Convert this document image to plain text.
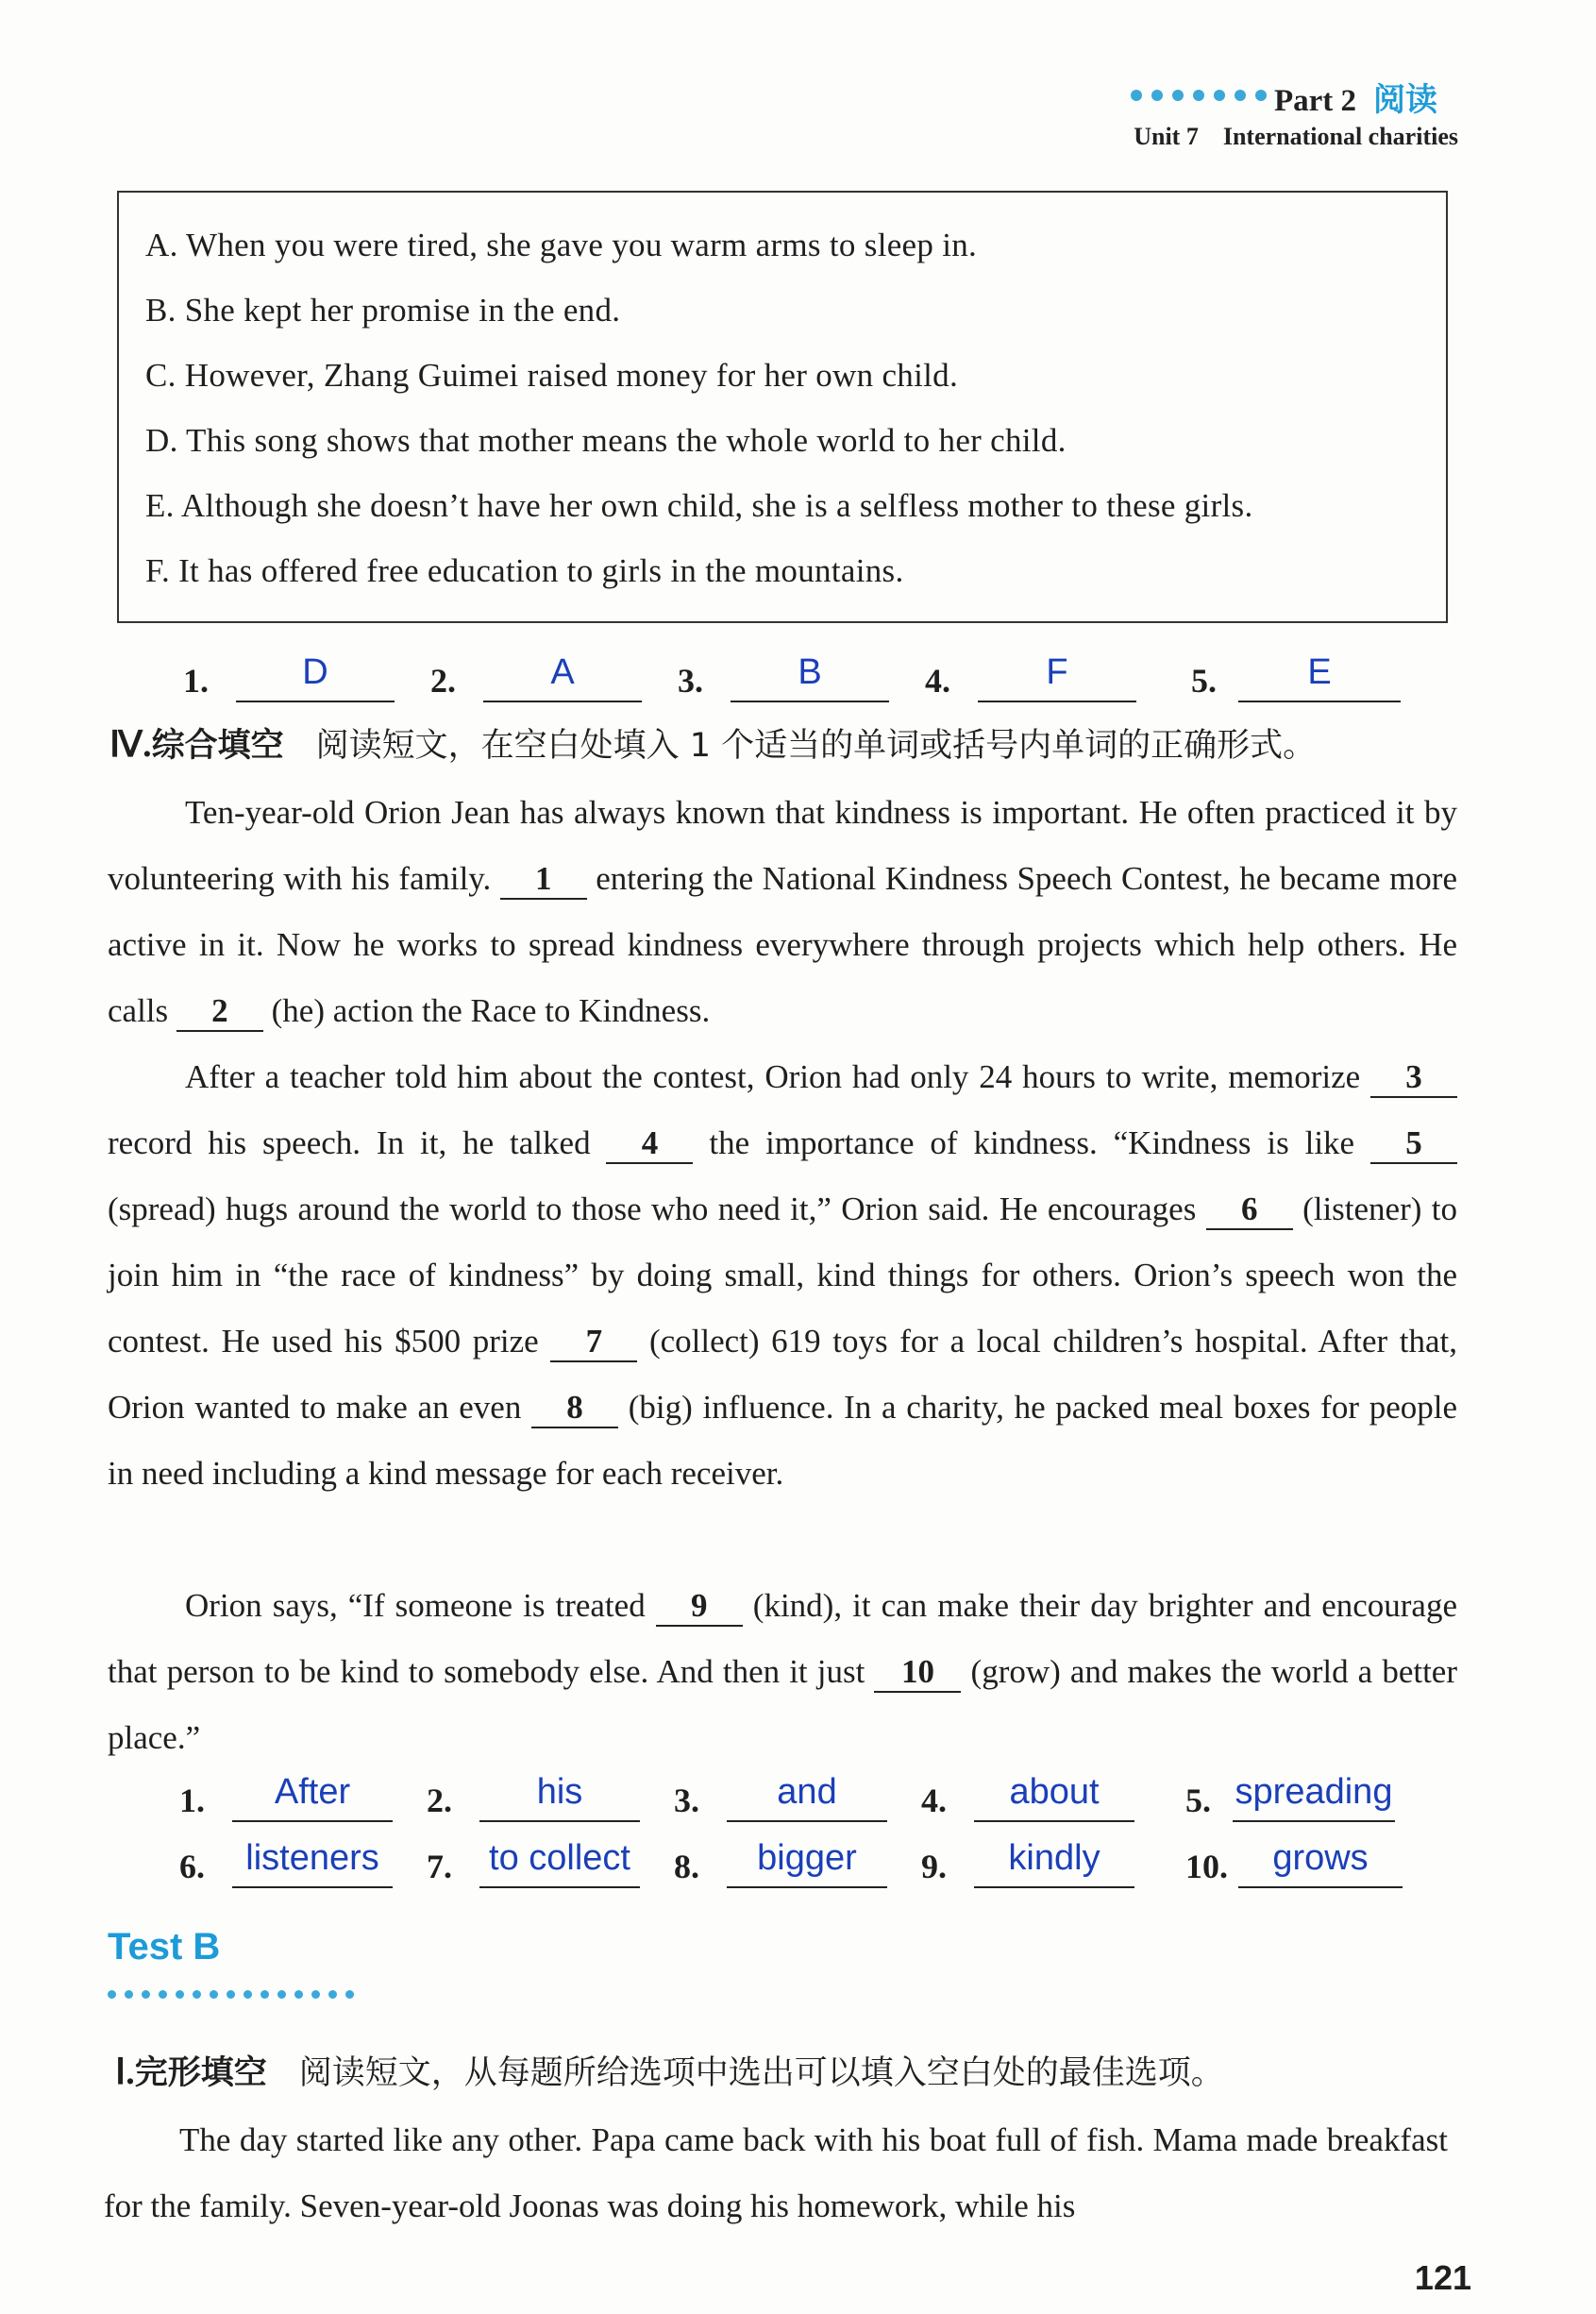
Part 2 阅读
Unit 7 International charities
A. When you were tired, she gave you warm arms to sleep in.
B. She kept her promise in the end.
C. However, Zhang Guimei raised money for her own child.
D. This song shows that mother means the whole world to her child.
E. Although she doesn’t have her own child, she is a selfless mother to these girls.
F. It has offered free education to girls in the mountains.
1.	D	2.	A	3.	B	4.	F	5.	E
Ⅳ.综合填空 阅读短文，在空白处填入 1 个适当的单词或括号内单词的正确形式。
Ten-year-old Orion Jean has always known that kindness is important. He often practiced it by volunteering with his family. 1 entering the National Kindness Speech Contest, he became more active in it. Now he works to spread kindness everywhere through projects which help others. He calls 2 (he) action the Race to Kindness.
After a teacher told him about the contest, Orion had only 24 hours to write, memorize 3 record his speech. In it, he talked 4 the importance of kindness. “Kindness is like 5 (spread) hugs around the world to those who need it,” Orion said. He encourages 6 (listener) to join him in “the race of kindness” by doing small, kind things for others. Orion’s speech won the contest. He used his $500 prize 7 (collect) 619 toys for a local children’s hospital. After that, Orion wanted to make an even 8 (big) influence. In a charity, he packed meal boxes for people in need including a kind message for each receiver.
Orion says, “If someone is treated 9 (kind), it can make their day brighter and encourage that person to be kind to somebody else. And then it just 10 (grow) and makes the world a better place.”
1.	After	2.	his	3.	and	4.	about	5. spreading
6.	listeners	7. to collect 8.	bigger	9.	kindly	10.	grows
Test B
Ⅰ.完形填空 阅读短文，从每题所给选项中选出可以填入空白处的最佳选项。
The day started like any other. Papa came back with his boat full of fish. Mama made breakfast for the family. Seven-year-old Joonas was doing his homework, while his
121
